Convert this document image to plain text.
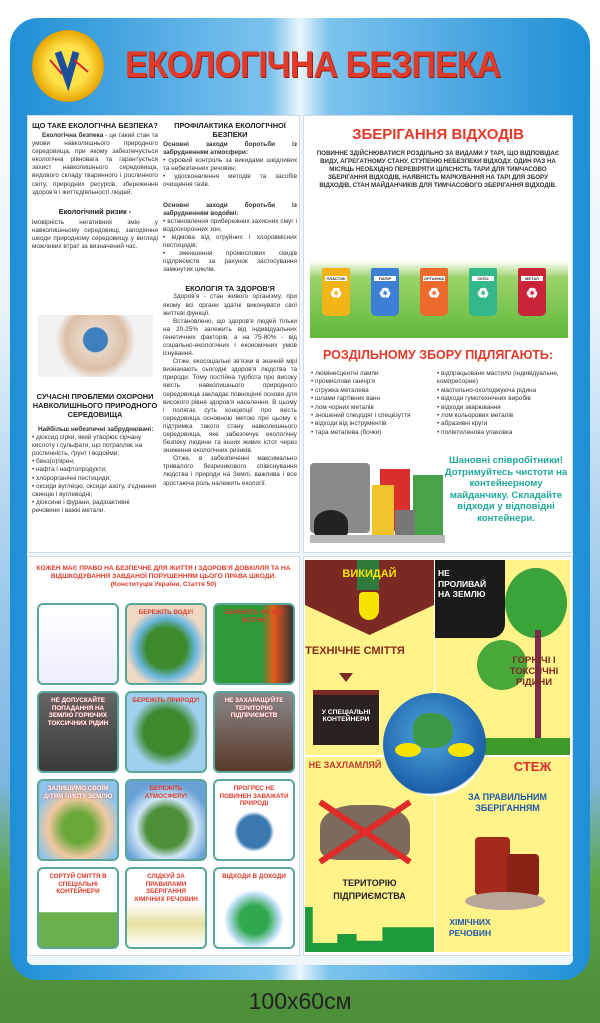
ЕКОЛОГІЧНА БЕЗПЕКА
ЩО ТАКЕ ЕКОЛОГІЧНА БЕЗПЕКА?
Екологічна безпека - це такий стан та умови навколишнього природного середовища, при якому забезпечується екологічна рівновага та гарантується захист навколишнього середовища, видового складу тваринного і рослинного світу, природних ресурсів, збереження здоров'я і життєдіяльності людей.
Екологічний ризик -
імовірність негативних змін у навколишньому середовищі, заподіяння шкоди природному середовищу у вигляді можливих втрат за визначений час.
СУЧАСНІ ПРОБЛЕМИ ОХОРОНИ НАВКОЛИШНЬОГО ПРИРОДНОГО СЕРЕДОВИЩА
Найбільш небезпечні забруднювачі:
• діоксид сірки, який утворює сірчану кислоту і сульфати, що потрапляє на рослинність, ґрунт і водойми;
• бенз(о)пірен;
• нафта і нафтопродукти;
• хлорорганічні пестициди;
• оксиди вуглецю, оксиди азоту, з'єднання свинцю і вуглеводні;
• діоксини і фурани, радіоактивні речовини і важкі метали.
ПРОФІЛАКТИКА ЕКОЛОГІЧНОЇ БЕЗПЕКИ
Основні заходи боротьби із забрудненням атмосфери:
• суровий контроль за викидами шкідливих та небезпечних речовин;
• удосконалення методів та засобів очищення газів.
Основні заходи боротьби із забрудненням водоймі:
• встановлення прибережних захисних смуг і водоохоронних зон;
• відмова від отруйних і хлоровмісних пестицидів;
• зменшення промислових скидів підприємств за рахунок застосування замкнутих циклів.
ЕКОЛОГІЯ ТА ЗДОРОВ'Я
Здоров'я - стан живого організму, при якому всі органи здатні виконувати свої життєві функції.
Встановлено, що здоров'я людей тільки на 20-25% залежить від індивідуальних генетичних факторів, а на 75-80% - від соціально-екологічних і економічних умов існування.
Отже, екосоціальні зв'язки в значній мірі визначають сьогодні здоров'я людства та природи. Тому постійна турбота про високу якість навколишнього природного середовища закладає повноцінні основи для високого рівня здоров'я населення. В цьому і полягає суть концепції про якість середовища основною метою при цьому є підтримка такого стану навколишнього середовища, яке забезпечує екологічну безпеку людини та інших живих істот через зниження екологічних ризиків.
Отже, в забезпеченні максимально тривалого безризикового співіснування людства і природи на Землі, важлива і все зростаюча роль належить екології.
ЗБЕРІГАННЯ ВІДХОДІВ
ПОВИННЕ ЗДІЙСНЮВАТИСЯ РОЗДІЛЬНО ЗА ВИДАМИ У ТАРІ, ЩО ВІДПОВІДАЄ ВИДУ, АГРЕГАТНОМУ СТАНУ, СТУПЕНЮ НЕБЕЗПЕКИ ВІДХОДУ. ОДИН РАЗ НА МІСЯЦЬ НЕОБХІДНО ПЕРЕВІРЯТИ ЦІЛІСНІСТЬ ТАРИ ДЛЯ ТИМЧАСОВО ЗБЕРІГАННЯ ВІДХОДІВ, НАЯВНІСТЬ МАРКУВАННЯ НА ТАРІ ДЛЯ ЗБОРУ ВІДХОДІВ, СТАН МАЙДАНЧИКІВ ДЛЯ ТИМЧАСОВОГО ЗБЕРІГАННЯ ВІДХОДІВ.
ПЛАСТИК
♻
ПАПІР
♻
ОРГАНІКА
♻
СКЛО
♻
МЕТАЛ
♻
РОЗДІЛЬНОМУ ЗБОРУ ПІДЛЯГАЮТЬ:
• люмінесцентні лампи
• промислове ганчір'я
• стружка металева
• шлами гартівних ванн
• лом чорних металів
• зношений спецодяг і спецвзуття
• відходи від інструментів
• тара металева (бочки)
• відпрацьоване мастило (індивідуальне, компресорне)
• мастильно-охолоджуюча рідина
• відходи гумотехнічних виробів
• відходи зварювання
• лом кольорових металів
• абразивні круги
• поліетиленова упаковка
Шановні співробітники! Дотримуйтесь чистоти на контейнерному майданчику. Складайте відходи у відповідні контейнери.
КОЖЕН МАЄ ПРАВО НА БЕЗПЕЧНЕ ДЛЯ ЖИТТЯ І ЗДОРОВ'Я ДОВКІЛЛЯ ТА НА ВІДШКОДУВАННЯ ЗАВДАНОЇ ПОРУШЕННЯМ ЦЬОГО ПРАВА ШКОДИ.
(Конституція України, Стаття 50)
БЕРЕЖІТЬ ВОДУ!	БЕРЕЖІТЬ ЛІС ВІД ВОГНЮ
НЕ ДОПУСКАЙТЕ ПОПАДАННЯ НА ЗЕМЛЮ ГОРЮЧИХ ТОКСИЧНИХ РІДИН
БЕРЕЖІТЬ ПРИРОДУ!	НЕ ЗАХАРАЩУЙТЕ ТЕРИТОРІЮ ПІДПРИЄМСТВ
ЗАЛИШИМО СВОЇМ ДІТЯМ ЧИСТУ ЗЕМЛЮ
БЕРЕЖІТЬ АТМОСФЕРУ!
ПРОГРЕС НЕ ПОВИНЕН ЗАВАЖАТИ ПРИРОДІ
СОРТУЙ СМІТТЯ В СПЕЦІАЛЬНІ КОНТЕЙНЕРИ
СЛІДКУЙ ЗА ПРАВИЛАМИ ЗБЕРІГАННЯ ХІМІЧНИХ РЕЧОВИН
ВІДХОДИ В ДОХОДИ
ВИКИДАЙ
ТЕХНІЧНЕ СМІТТЯ
У СПЕЦІАЛЬНІ КОНТЕЙНЕРИ
НЕ ПРОЛИВАЙ НА ЗЕМЛЮ
ГОРЮЧІ І ТОКСИЧНІ РІДИНИ
НЕ ЗАХЛАМЛЯЙ
ТЕРИТОРІЮ ПІДПРИЄМСТВА
СТЕЖ
ЗА ПРАВИЛЬНИМ ЗБЕРІГАННЯМ
ХІМІЧНИХ РЕЧОВИН
100x60см
